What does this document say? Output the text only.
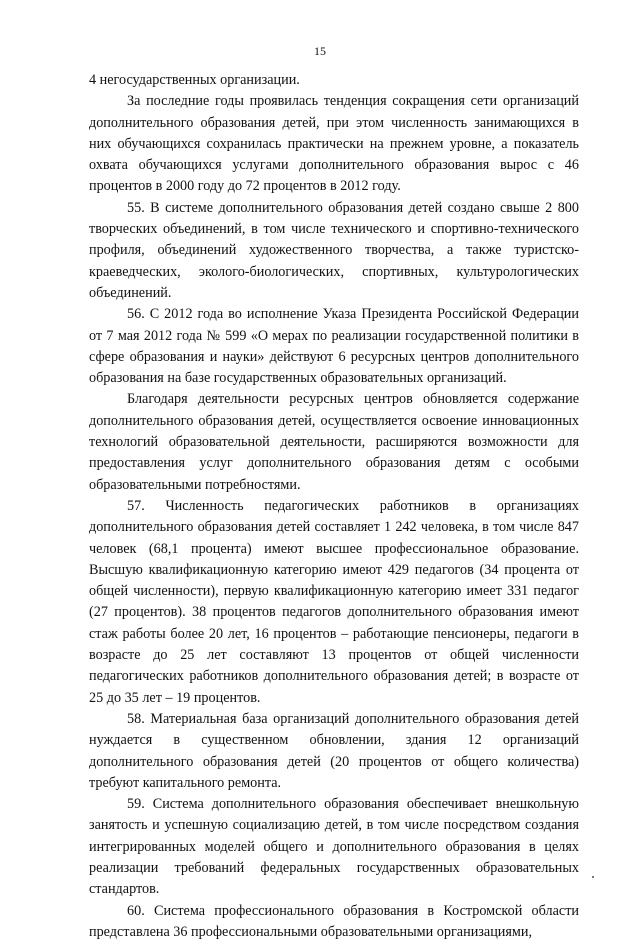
15

4 негосударственных организации.

За последние годы проявилась тенденция сокращения сети организаций дополнительного образования детей, при этом численность занимающихся в них обучающихся сохранилась практически на прежнем уровне, а показатель охвата обучающихся услугами дополнительного образования вырос с 46 процентов в 2000 году до 72 процентов в 2012 году.

55. В системе дополнительного образования детей создано свыше 2 800 творческих объединений, в том числе технического и спортивно-технического профиля, объединений художественного творчества, а также туристско-краеведческих, эколого-биологических, спортивных, культурологических объединений.

56. С 2012 года во исполнение Указа Президента Российской Федерации от 7 мая 2012 года № 599 «О мерах по реализации государственной политики в сфере образования и науки» действуют 6 ресурсных центров дополнительного образования на базе государственных образовательных организаций.

Благодаря деятельности ресурсных центров обновляется содержание дополнительного образования детей, осуществляется освоение инновационных технологий образовательной деятельности, расширяются возможности для предоставления услуг дополнительного образования детям с особыми образовательными потребностями.

57. Численность педагогических работников в организациях дополнительного образования детей составляет 1 242 человека, в том числе 847 человек (68,1 процента) имеют высшее профессиональное образование. Высшую квалификационную категорию имеют 429 педагогов (34 процента от общей численности), первую квалификационную категорию имеет 331 педагог (27 процентов). 38 процентов педагогов дополнительного образования имеют стаж работы более 20 лет, 16 процентов – работающие пенсионеры, педагоги в возрасте до 25 лет составляют 13 процентов от общей численности педагогических работников дополнительного образования детей; в возрасте от 25 до 35 лет – 19 процентов.

58. Материальная база организаций дополнительного образования детей нуждается в существенном обновлении, здания 12 организаций дополнительного образования детей (20 процентов от общего количества) требуют капитального ремонта.

59. Система дополнительного образования обеспечивает внешкольную занятость и успешную социализацию детей, в том числе посредством создания интегрированных моделей общего и дополнительного образования в целях реализации требований федеральных государственных образовательных стандартов.

60. Система профессионального образования в Костромской области представлена 36 профессиональными образовательными организациями,
